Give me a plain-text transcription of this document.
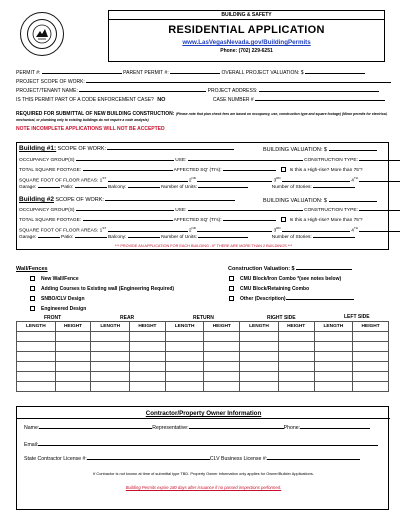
BUILDING & SAFETY
RESIDENTIAL APPLICATION
www.LasVegasNevada.gov/BuildingPermits
Phone: (702) 229-6251
PERMIT #:	PARENT PERMIT #:	OVERALL PROJECT VALUATION: $
PROJECT SCOPE OF WORK:
PROJECT/TENANT NAME:	PROJECT ADDRESS:
IS THIS PERMIT PART OF A CODE ENFORCEMENT CASE? NO	CASE NUMBER #
REQUIRED FOR SUBMITTAL OF NEW BUILDING CONSTRUCTION: (Please note that plan check fees are based on occupancy, use, construction type and square footage) (Minor permits for electrical, mechanical, or plumbing only to existing buildings do not require a code analysis)
NOTE INCOMPLETE APPLICATIONS WILL NOT BE ACCEPTED
Building #1: SCOPE OF WORK:	BUILDING VALUATION: $
OCCUPANCY GROUP(S)	USE:	CONSTRUCTION TYPE:
TOTAL SQUARE FOOTAGE:	AFFECTED SQ' (TI's):	Is this a High-rise? More than 75'?
SQUARE FOOT OF FLOOR AREAS: 1ST  2ND  3RD  4TH
Garage:	Patio:	Balcony:	Number of Units:	Number of Stories:
Building #2 SCOPE OF WORK:	BUILDING VALUATION: $
OCCUPANCY GROUP(S)	USE:	CONSTRUCTION TYPE:
TOTAL SQUARE FOOTAGE:	AFFECTED SQ' (TI's):	Is this a High-rise? More than 75'?
SQUARE FOOT OF FLOOR AREAS: 1ST  2ND  3RD  4TH
Garage:	Patio:	Balcony:	Number of Units:	Number of Stories:
*** PROVIDE AN APPLICATION FOR EACH BUILDING - IF THERE ARE MORE THAN 2 BUILDINGS ***
Wall/Fences	Construction Valuation: $
New Wall/Fence
Adding Courses to Existing wall (Engineering Required)
SNBO/CLV Design
Engineered Design
CMU Block/Iron Combo *(see notes below)
CMU Block/Retaining Combo
Other (Description)
FRONT	REAR	RETURN	RIGHT SIDE	LEFT SIDE
LENGTH	HEIGHT	LENGTH	HEIGHT	LENGTH	HEIGHT	LENGTH	HEIGHT	LENGTH	HEIGHT

Contractor/Property Owner Information
Name:	Representative:	Phone:
Email:
State Contractor License #:	CLV Business License #:
If Contractor is not known at time of submittal type TBD. Property Owner information only applies for Owner/Builder Applications.
Building Permits expire 180 days after issuance if no passed inspections performed.
